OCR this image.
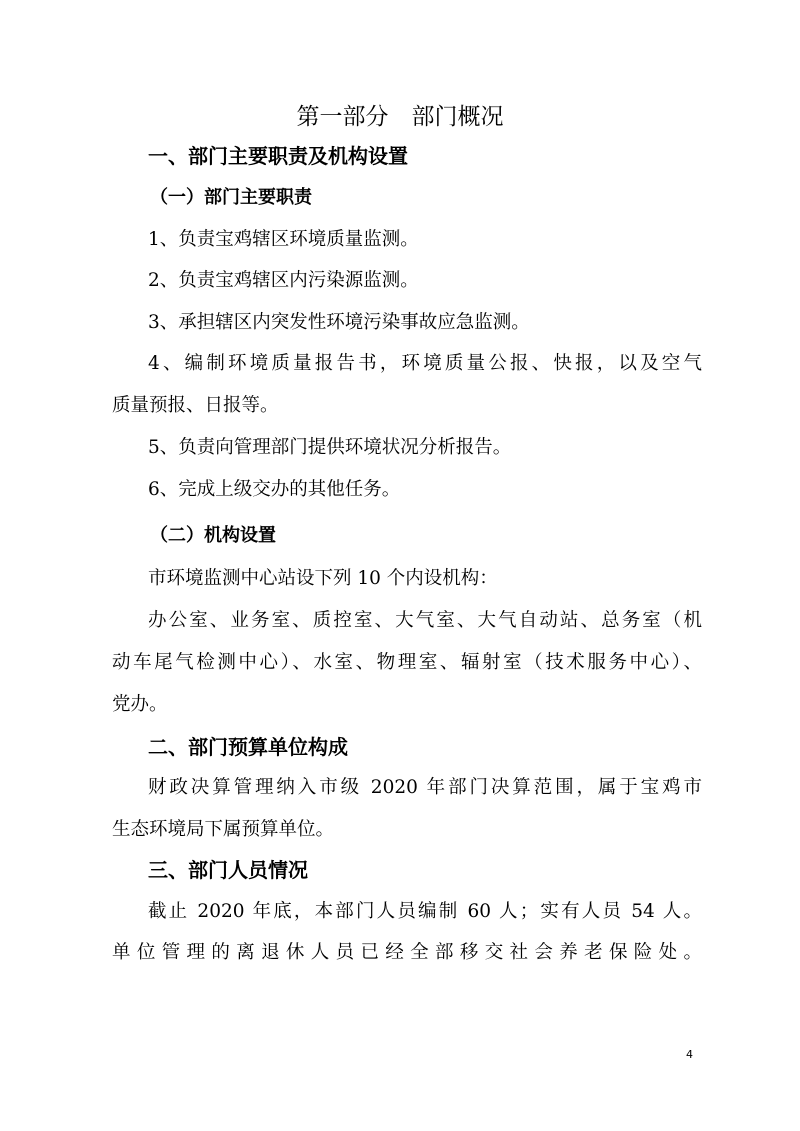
第一部分　部门概况
一、部门主要职责及机构设置
（一）部门主要职责
1、负责宝鸡辖区环境质量监测。
2、负责宝鸡辖区内污染源监测。
3、承担辖区内突发性环境污染事故应急监测。
4、编制环境质量报告书，环境质量公报、快报，以及空气
质量预报、日报等。
5、负责向管理部门提供环境状况分析报告。
6、完成上级交办的其他任务。
（二）机构设置
市环境监测中心站设下列 10 个内设机构：
办公室、业务室、质控室、大气室、大气自动站、总务室（机
动车尾气检测中心）、水室、物理室、辐射室（技术服务中心）、
党办。
二、部门预算单位构成
财政决算管理纳入市级 2020 年部门决算范围，属于宝鸡市
生态环境局下属预算单位。
三、部门人员情况
截止 2020 年底，本部门人员编制 60 人；实有人员 54 人。
单位管理的离退休人员已经全部移交社会养老保险处。
4
